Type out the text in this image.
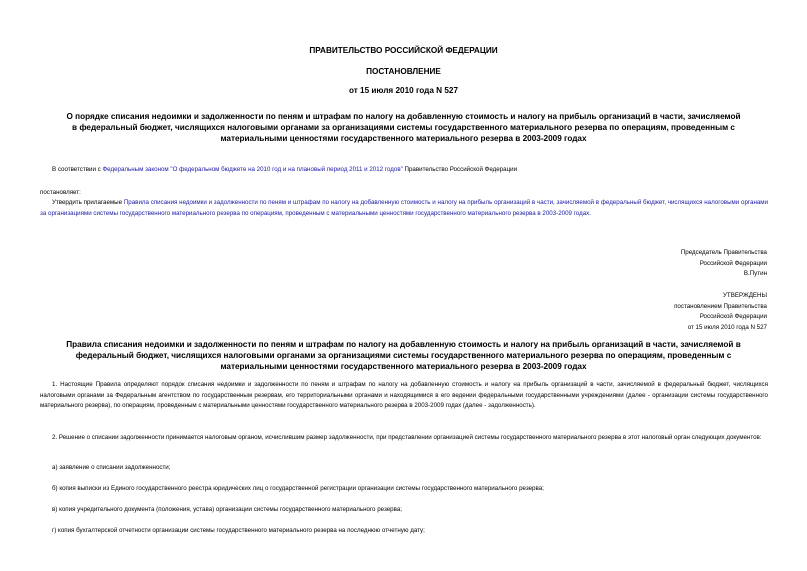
ПРАВИТЕЛЬСТВО РОССИЙСКОЙ ФЕДЕРАЦИИ
ПОСТАНОВЛЕНИЕ
от 15 июля 2010 года N 527
О порядке списания недоимки и задолженности по пеням и штрафам по налогу на добавленную стоимость и налогу на прибыль организаций в части, зачисляемой
в федеральный бюджет, числящихся налоговыми органами за организациями системы государственного материального резерва по операциям, проведенным с
материальными ценностями государственного материального резерва в 2003-2009 годах
В соответствии с Федеральным законом "О федеральном бюджете на 2010 год и на плановый период 2011 и 2012 годов" Правительство Российской Федерации
постановляет:
Утвердить прилагаемые Правила списания недоимки и задолженности по пеням и штрафам по налогу на добавленную стоимость и налогу на прибыль организаций в части, зачисляемой в федеральный бюджет, числящихся налоговыми органами за организациями системы государственного материального резерва по операциям, проведенным с материальными ценностями государственного материального резерва в 2003-2009 годах.
Председатель Правительства
Российской Федерации
В.Путин
УТВЕРЖДЕНЫ
постановлением Правительства
Российской Федерации
от 15 июля 2010 года N 527
Правила списания недоимки и задолженности по пеням и штрафам по налогу на добавленную стоимость и налогу на прибыль организаций в части, зачисляемой в
федеральный бюджет, числящихся налоговыми органами за организациями системы государственного материального резерва по операциям, проведенным с
материальными ценностями государственного материального резерва в 2003-2009 годах
1. Настоящие Правила определяют порядок списания недоимки и задолженности по пеням и штрафам по налогу на добавленную стоимость и налогу на прибыль организаций в части, зачисляемой в федеральный бюджет, числящихся налоговыми органами за Федеральным агентством по государственным резервам, его территориальными органами и находящимися в его ведении федеральными государственными учреждениями (далее - организации системы государственного материального резерва), по операциям, проведенным с материальными ценностями государственного материального резерва в 2003-2009 годах (далее - задолженность).
2. Решение о списании задолженности принимается налоговым органом, исчислившим размер задолженности, при представлении организацией системы государственного материального резерва в этот налоговый орган следующих документов:
а) заявление о списании задолженности;
б) копия выписки из Единого государственного реестра юридических лиц о государственной регистрации организации системы государственного материального резерва;
в) копия учредительного документа (положения, устава) организации системы государственного материального резерва;
г) копия бухгалтерской отчетности организации системы государственного материального резерва на последнюю отчетную дату;
